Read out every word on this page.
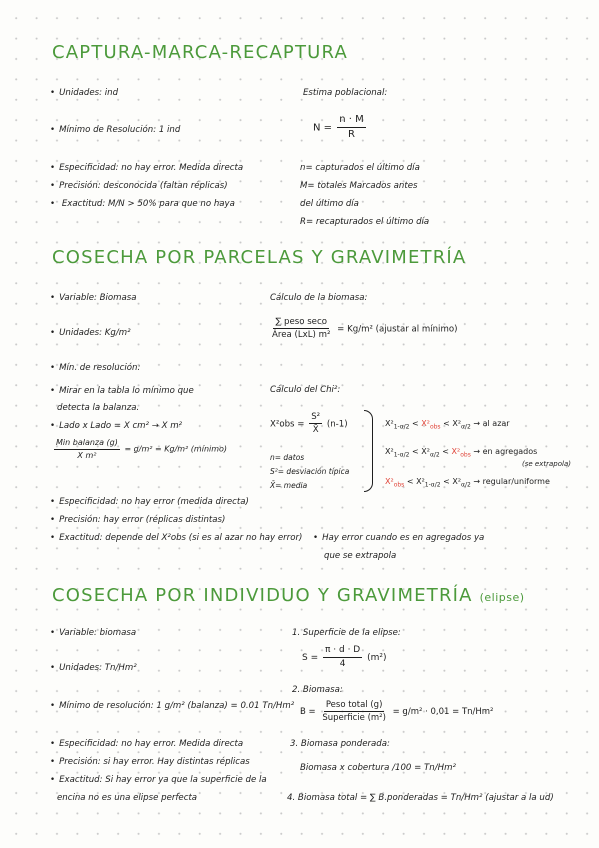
CAPTURA-MARCA-RECAPTURA
• Unidades: ind
• Mínimo de Resolución: 1 ind
• Especificidad: no hay error. Medida directa
• Precisión: desconocida (faltan réplicas)
• Exactitud: M/N > 50% para que no haya
Estima poblacional:
$N = \frac{n \cdot M}{R}$
n= capturados el último día
M= totales Marcados antes
del último día
R= recapturados el último día
COSECHA POR PARCELAS Y GRAVIMETRÍA
• Variable: Biomasa
• Unidades: Kg/m²
• Mín. de resolución:
• Mirar en la tabla lo mínimo que
detecta la balanza.
• Lado x Lado = X cm² → X m²
$\frac{\text{Min balanza (g)}}{\text{X m²}} = g/m^2 = Kg/m^2$ (mínimo)
• Especificidad: no hay error (medida directa)
• Precisión: hay error (réplicas distintas)
• Exactitud: depende del X²obs (si es al azar no hay error)
•	Hay error cuando es en agregados ya
que se extrapola
Cálculo de la biomasa:
$\frac{\text{∑ peso seco}}{\text{Área (LxL) m²}} = Kg/m^2$ (ajustar al mínimo)
Cálculo del Chi²:
$X^2obs = \frac{\text{S²}}{X̄} (n-1)$
n= datos
S²= desviación típica
X̄= media
$X^2_{1-\alpha/2} < X^2_{obs} < X^2_{\alpha/2}$ → al azar
$X^2_{1-\alpha/2} < X^2_{\alpha/2} < X^2_{obs}$ → en agregados
(se extrapola)
$X^2_{obs} < X^2_{1-\alpha/2} < X^2_{\alpha/2}$ → regular/uniforme
COSECHA POR INDIVIDUO Y GRAVIMETRÍA (elipse)
• Variable: biomasa
• Unidades: Tn/Hm²
• Mínimo de resolución: 1 g/m² (balanza) = 0.01 Tn/Hm²
• Especificidad: no hay error. Medida directa
• Precisión: si hay error. Hay distintas réplicas
• Exactitud: Si hay error ya que la superficie de la
encina no es una elipse perfecta
1. Superficie de la elipse:
$S = \frac{\pi \cdot d \cdot D}{4} (m^2)$
2. Biomasa:
$B = \frac{\text{Peso total (g)}}{\text{Superficie (m²)}} = g/m^2 \cdot 0,01 = Tn/Hm^2$
3. Biomasa ponderada:
Biomasa x cobertura /100 = Tn/Hm²
4. Biomasa total = ∑ B.ponderadas = Tn/Hm² (ajustar a la ud)
